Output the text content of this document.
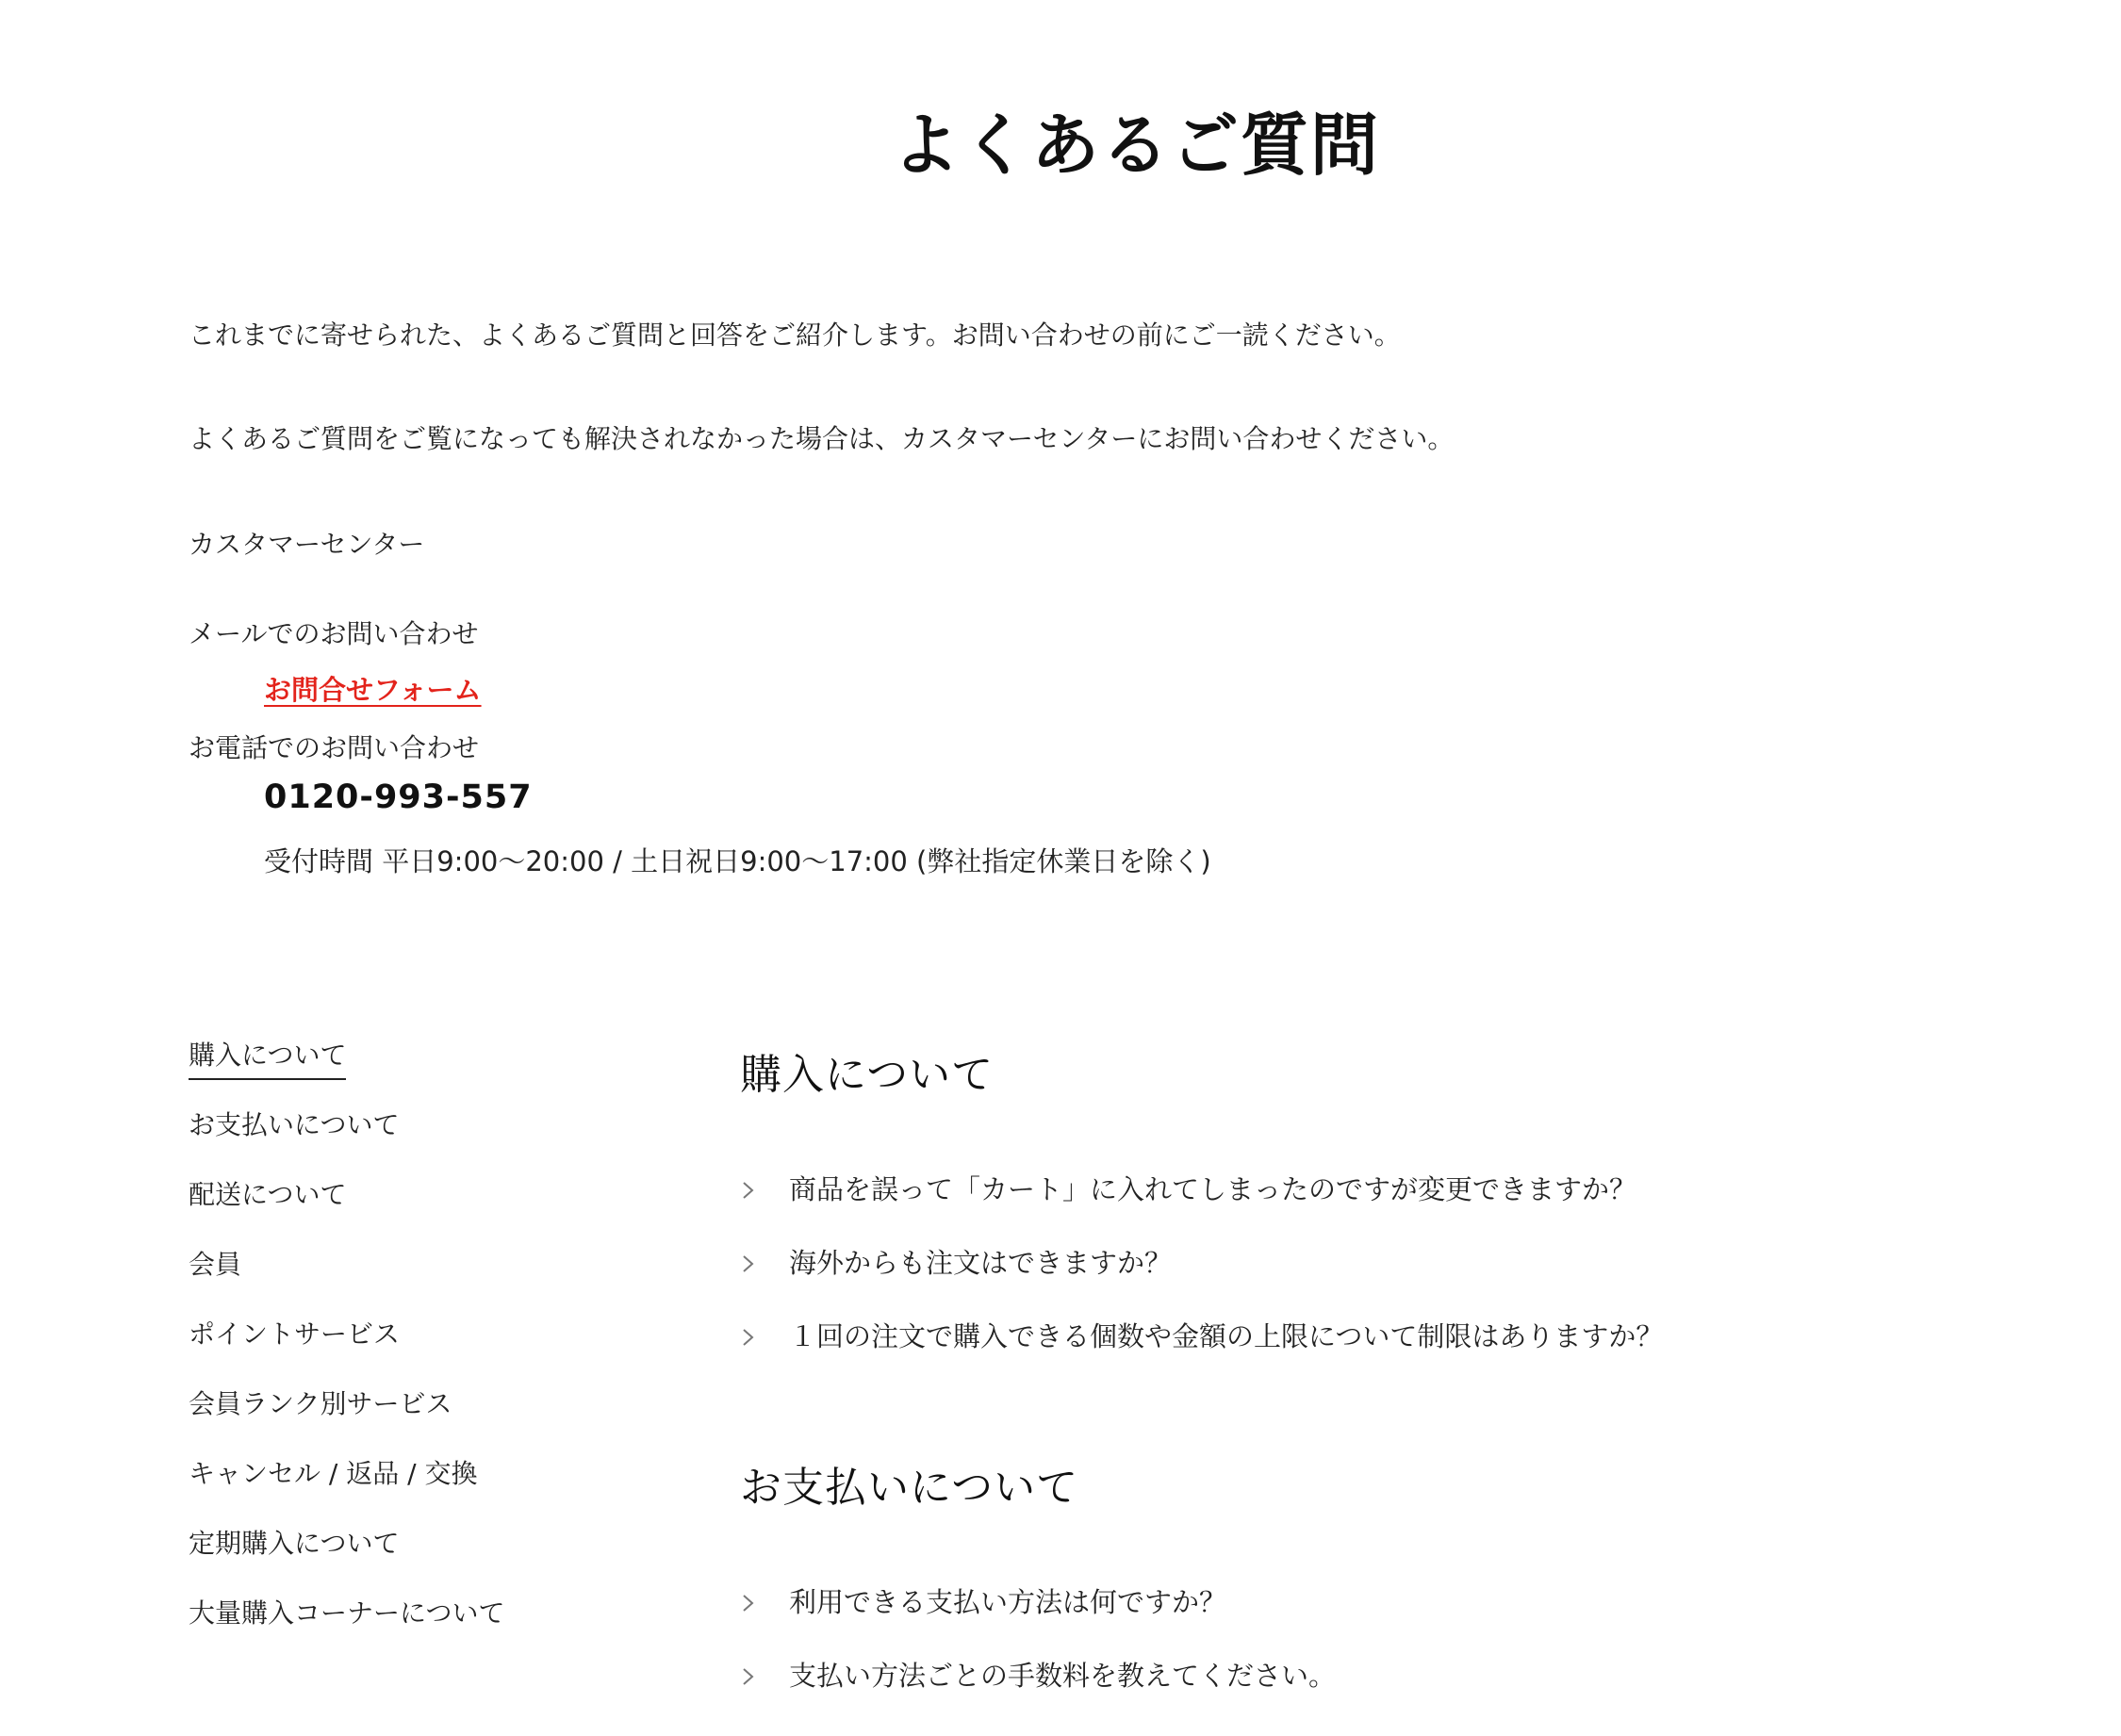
よくあるご質問

これまでに寄せられた、よくあるご質問と回答をご紹介します。お問い合わせの前にご一読ください。

よくあるご質問をご覧になっても解決されなかった場合は、カスタマーセンターにお問い合わせください。

カスタマーセンター

メールでのお問い合わせ

お問合せフォーム

お電話でのお問い合わせ

0120-993-557
受付時間 平日9:00～20:00 / 土日祝日9:00～17:00 (弊社指定休業日を除く)
購入について
お支払いについて
配送について
会員
ポイントサービス
会員ランク別サービス
キャンセル / 返品 / 交換
定期購入について
大量購入コーナーについて
購入について
商品を誤って「カート」に入れてしまったのですが変更できますか？
海外からも注文はできますか？
１回の注文で購入できる個数や金額の上限について制限はありますか？
お支払いについて
利用できる支払い方法は何ですか？
支払い方法ごとの手数料を教えてください。
